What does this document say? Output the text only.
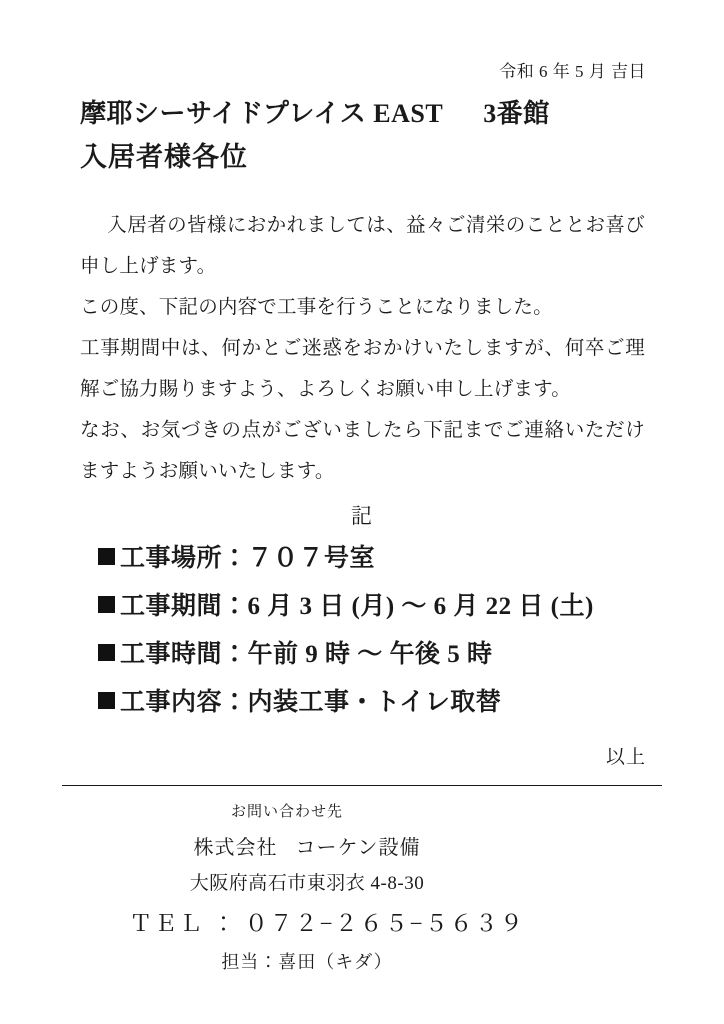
令和 6 年 5 月 吉日
摩耶シーサイドプレイス EAST 3番館
入居者様各位

入居者の皆様におかれましては、益々ご清栄のこととお喜び申し上げます。

この度、下記の内容で工事を行うことになりました。

工事期間中は、何かとご迷惑をおかけいたしますが、何卒ご理解ご協力賜りますよう、よろしくお願い申し上げます。

なお、お気づきの点がございましたら下記までご連絡いただけますようお願いいたします。

記
工事場所： ７０７号室
工事期間： 6 月 3 日 (月) 〜 6 月 22 日 (土)
工事時間： 午前 9 時 〜 午後 5 時
工事内容： 内装工事・トイレ取替
以上
お問い合わせ先
株式会社 コーケン設備
大阪府高石市東羽衣 4-8-30
ＴＥＬ ： ０７２−２６５−５６３９
担当：喜田（キダ）
